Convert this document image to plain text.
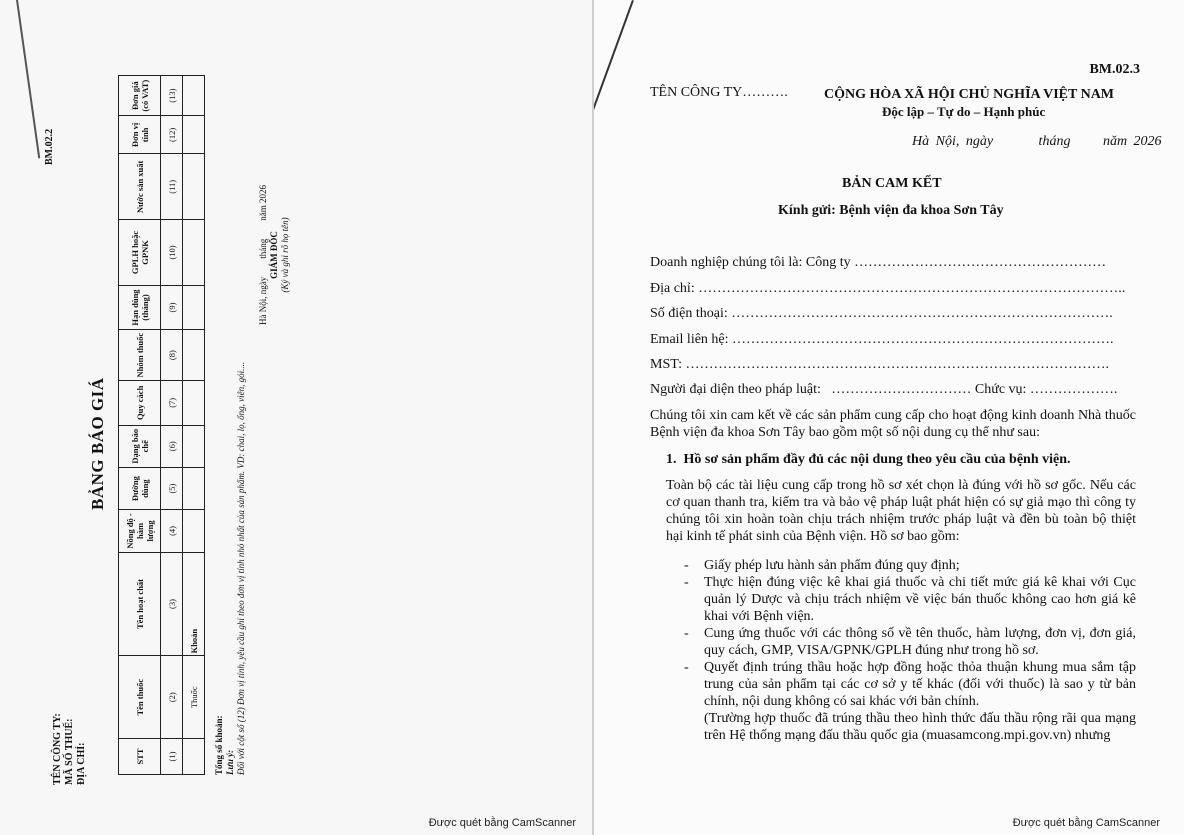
BM.02.2
TÊN CÔNG TY: MÃ SỐ THUẾ: ĐỊA CHỈ:
BẢNG BÁO GIÁ
STT	Tên thuốc	Tên hoạt chất	Nồng độ - hàm lượng	Đường dùng	Dạng bào chế	Quy cách	Nhóm thuốc	Hạn dùng (tháng)	GPLH hoặc GPNK	Nước sản xuất	Đơn vị tính	Đơn giá (có VAT)
(1)	(2)	(3)	(4)	(5)	(6)	(7)	(8)	(9)	(10)	(11)	(12)	(13)
	Thuốc	Khoản										
Tổng số khoản: Lưu ý: Đối với cột số (12) Đơn vị tính, yêu cầu ghi theo đơn vị tính nhỏ nhất của sản phẩm. VD: chai, lọ, ống, viên, gói....
Hà Nội, ngày        tháng        năm 2026 GIÁM ĐỐC (Ký và ghi rõ họ tên)
Được quét bằng CamScanner
BM.02.3
TÊN CÔNG TY……….	CỘNG HÒA XÃ HỘI CHỦ NGHĨA VIỆT NAM
Độc lập – Tự do – Hạnh phúc
Hà Nội, ngày       tháng     năm 2026
BẢN CAM KẾT
Kính gửi: Bệnh viện đa khoa Sơn Tây
Doanh nghiệp chúng tôi là: Công ty ………………………………………………
Địa chỉ: ………………………………………………………………………………..
Số điện thoại: ……………………………………………………………………….
Email liên hệ: ……………………………………………………………………….
MST: ……………………………………………………………………………….
Người đại diện theo pháp luật:   ………………………… Chức vụ: ……………….
Chúng tôi xin cam kết về các sản phẩm cung cấp cho hoạt động kinh doanh Nhà thuốc Bệnh viện đa khoa Sơn Tây bao gồm một số nội dung cụ thể như sau:
1.  Hồ sơ sản phẩm đầy đủ các nội dung theo yêu cầu của bệnh viện.
Toàn bộ các tài liệu cung cấp trong hồ sơ xét chọn là đúng với hồ sơ gốc. Nếu các cơ quan thanh tra, kiểm tra và bảo vệ pháp luật phát hiện có sự giả mạo thì công ty chúng tôi xin hoàn toàn chịu trách nhiệm trước pháp luật và đền bù toàn bộ thiệt hại kinh tế phát sinh của Bệnh viện. Hồ sơ bao gồm:
- Giấy phép lưu hành sản phẩm đúng quy định;
- Thực hiện đúng việc kê khai giá thuốc và chi tiết mức giá kê khai với Cục quản lý Dược và chịu trách nhiệm về việc bán thuốc không cao hơn giá kê khai với Bệnh viện.
- Cung ứng thuốc với các thông số về tên thuốc, hàm lượng, đơn vị, đơn giá, quy cách, GMP, VISA/GPNK/GPLH đúng như trong hồ sơ.
- Quyết định trúng thầu hoặc hợp đồng hoặc thỏa thuận khung mua sắm tập trung của sản phẩm tại các cơ sở y tế khác (đối với thuốc) là sao y từ bản chính, nội dung không có sai khác với bản chính.
(Trường hợp thuốc đã trúng thầu theo hình thức đấu thầu rộng rãi qua mạng trên Hệ thống mạng đấu thầu quốc gia (muasamcong.mpi.gov.vn) nhưng
Được quét bằng CamScanner
